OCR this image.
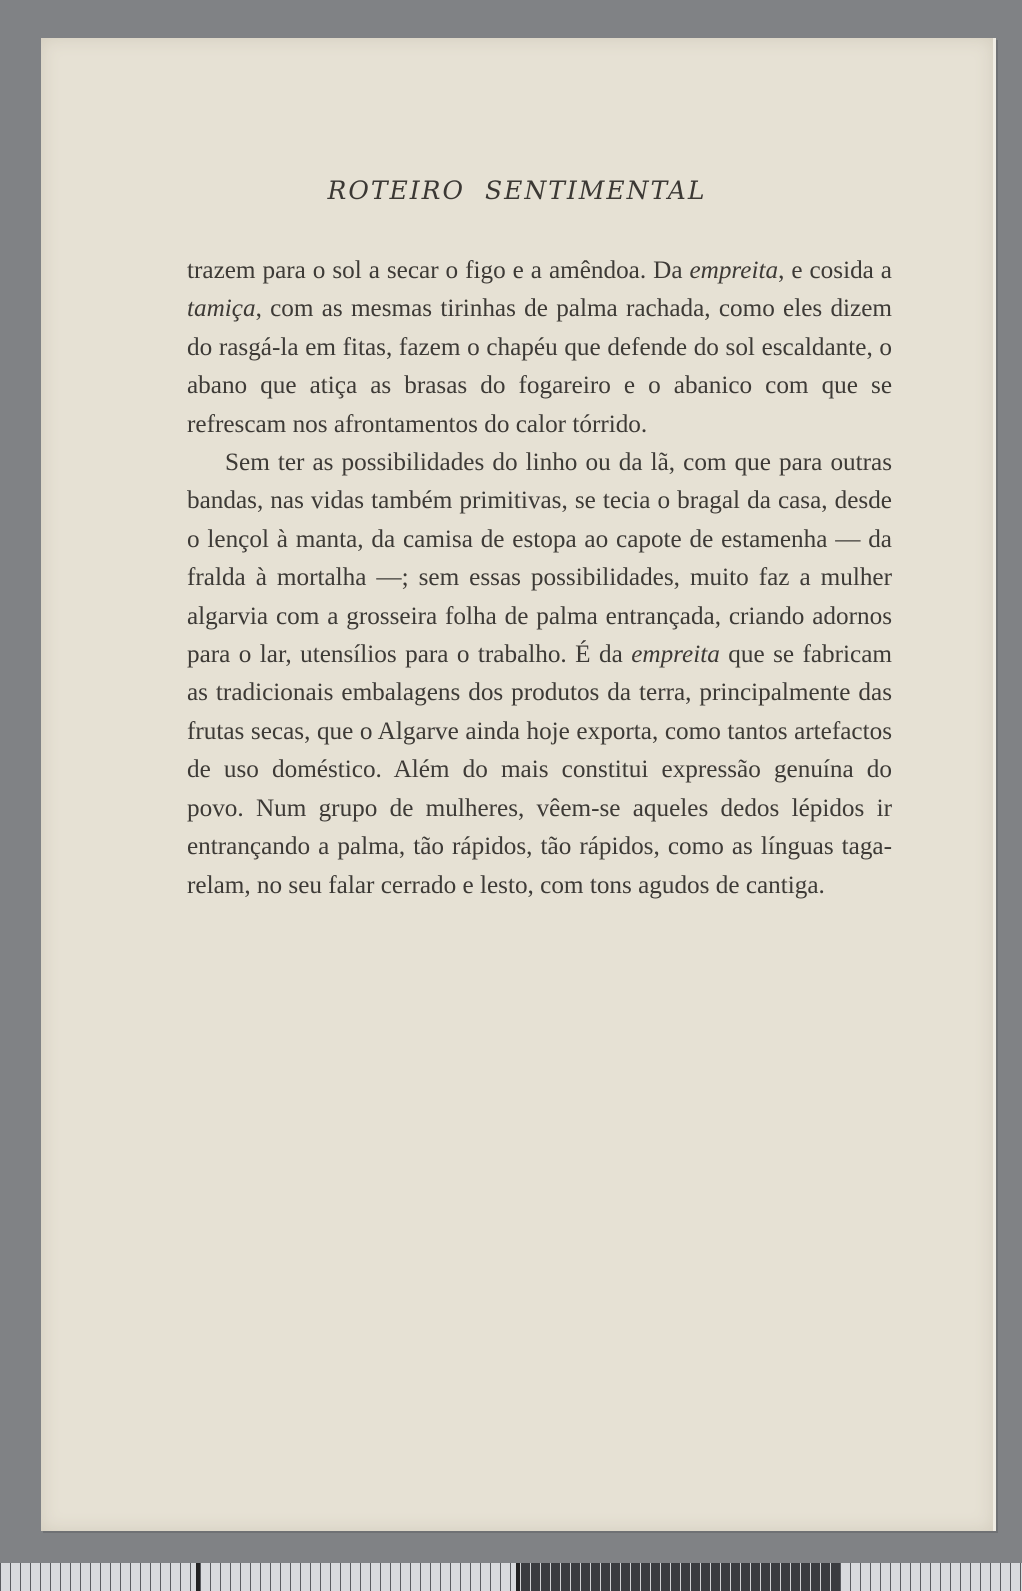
ROTEIRO SENTIMENTAL

trazem para o sol a secar o figo e a amêndoa. Da empreita, e cosida a tamiça, com as mesmas tirinhas de palma rachada, como eles dizem do rasgá-la em fitas, fazem o chapéu que defende do sol escaldante, o abano que atiça as brasas do fogareiro e o abanico com que se refrescam nos afrontamentos do calor tórrido.

Sem ter as possibilidades do linho ou da lã, com que para outras bandas, nas vidas também primitivas, se tecia o bragal da casa, desde o lençol à manta, da camisa de estopa ao capote de estamenha — da fralda à mortalha —; sem essas possibilidades, muito faz a mulher algarvia com a grosseira folha de palma entrançada, criando adornos para o lar, utensílios para o trabalho. É da empreita que se fabricam as tradicionais embalagens dos produtos da terra, principalmente das frutas secas, que o Algarve ainda hoje exporta, como tantos artefactos de uso doméstico. Além do mais constitui expressão genuína do povo. Num grupo de mulheres, vêem-se aqueles dedos lépidos ir entrançando a palma, tão rápidos, tão rápidos, como as línguas taga- relam, no seu falar cerrado e lesto, com tons agudos de cantiga.
